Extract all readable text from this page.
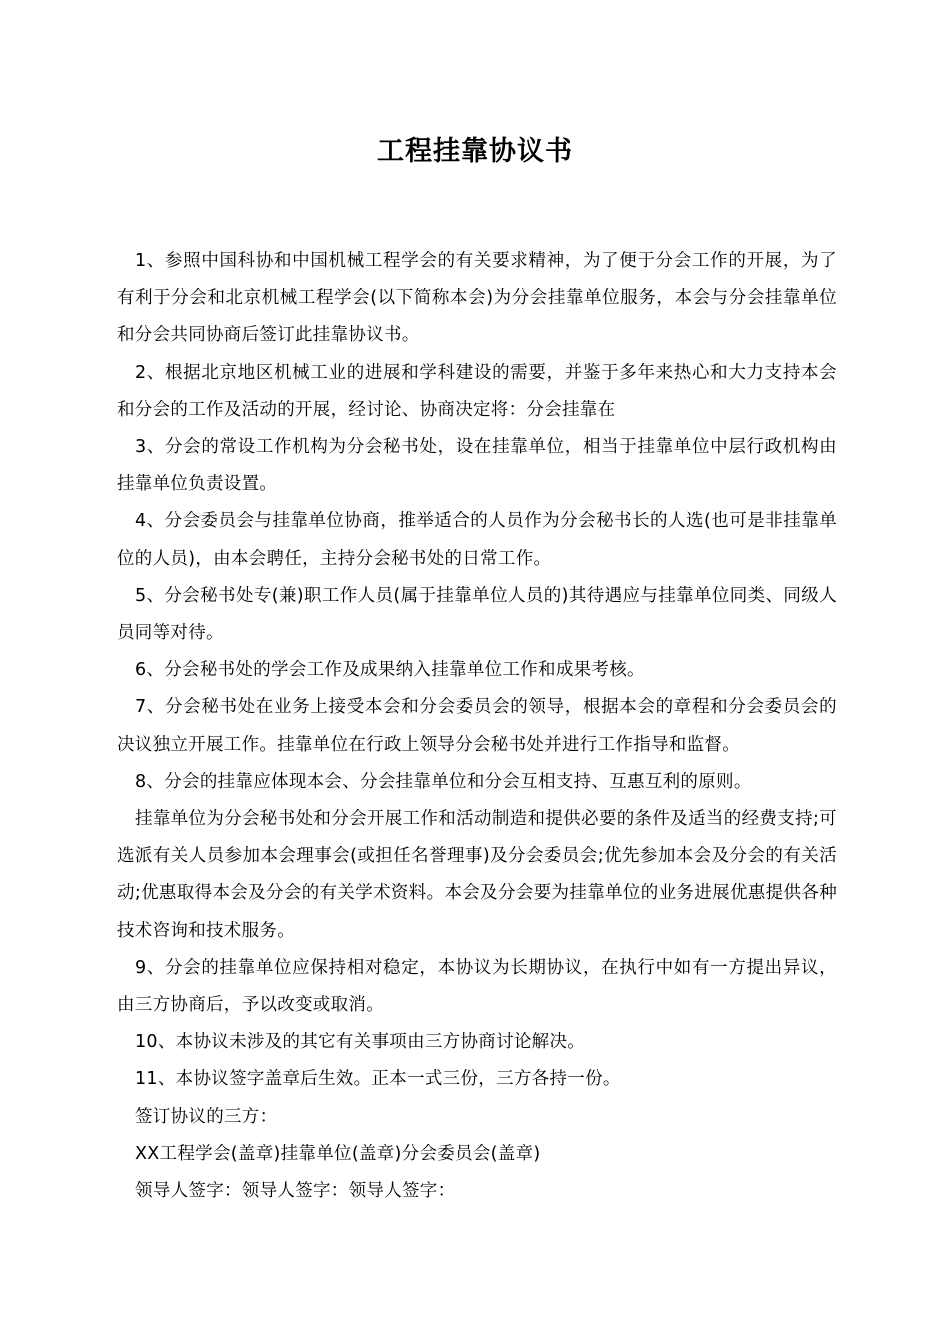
工程挂靠协议书

1、参照中国科协和中国机械工程学会的有关要求精神，为了便于分会工作的开展，为了有利于分会和北京机械工程学会(以下简称本会)为分会挂靠单位服务，本会与分会挂靠单位和分会共同协商后签订此挂靠协议书。

2、根据北京地区机械工业的进展和学科建设的需要，并鉴于多年来热心和大力支持本会和分会的工作及活动的开展，经讨论、协商决定将：分会挂靠在

3、分会的常设工作机构为分会秘书处，设在挂靠单位，相当于挂靠单位中层行政机构由挂靠单位负责设置。

4、分会委员会与挂靠单位协商，推举适合的人员作为分会秘书长的人选(也可是非挂靠单位的人员)，由本会聘任，主持分会秘书处的日常工作。

5、分会秘书处专(兼)职工作人员(属于挂靠单位人员的)其待遇应与挂靠单位同类、同级人员同等对待。

6、分会秘书处的学会工作及成果纳入挂靠单位工作和成果考核。

7、分会秘书处在业务上接受本会和分会委员会的领导，根据本会的章程和分会委员会的决议独立开展工作。挂靠单位在行政上领导分会秘书处并进行工作指导和监督。

8、分会的挂靠应体现本会、分会挂靠单位和分会互相支持、互惠互利的原则。

挂靠单位为分会秘书处和分会开展工作和活动制造和提供必要的条件及适当的经费支持;可选派有关人员参加本会理事会(或担任名誉理事)及分会委员会;优先参加本会及分会的有关活动;优惠取得本会及分会的有关学术资料。本会及分会要为挂靠单位的业务进展优惠提供各种技术咨询和技术服务。

9、分会的挂靠单位应保持相对稳定，本协议为长期协议，在执行中如有一方提出异议，由三方协商后，予以改变或取消。

10、本协议未涉及的其它有关事项由三方协商讨论解决。

11、本协议签字盖章后生效。正本一式三份，三方各持一份。

签订协议的三方：

XX工程学会(盖章)挂靠单位(盖章)分会委员会(盖章)

领导人签字：领导人签字：领导人签字：
